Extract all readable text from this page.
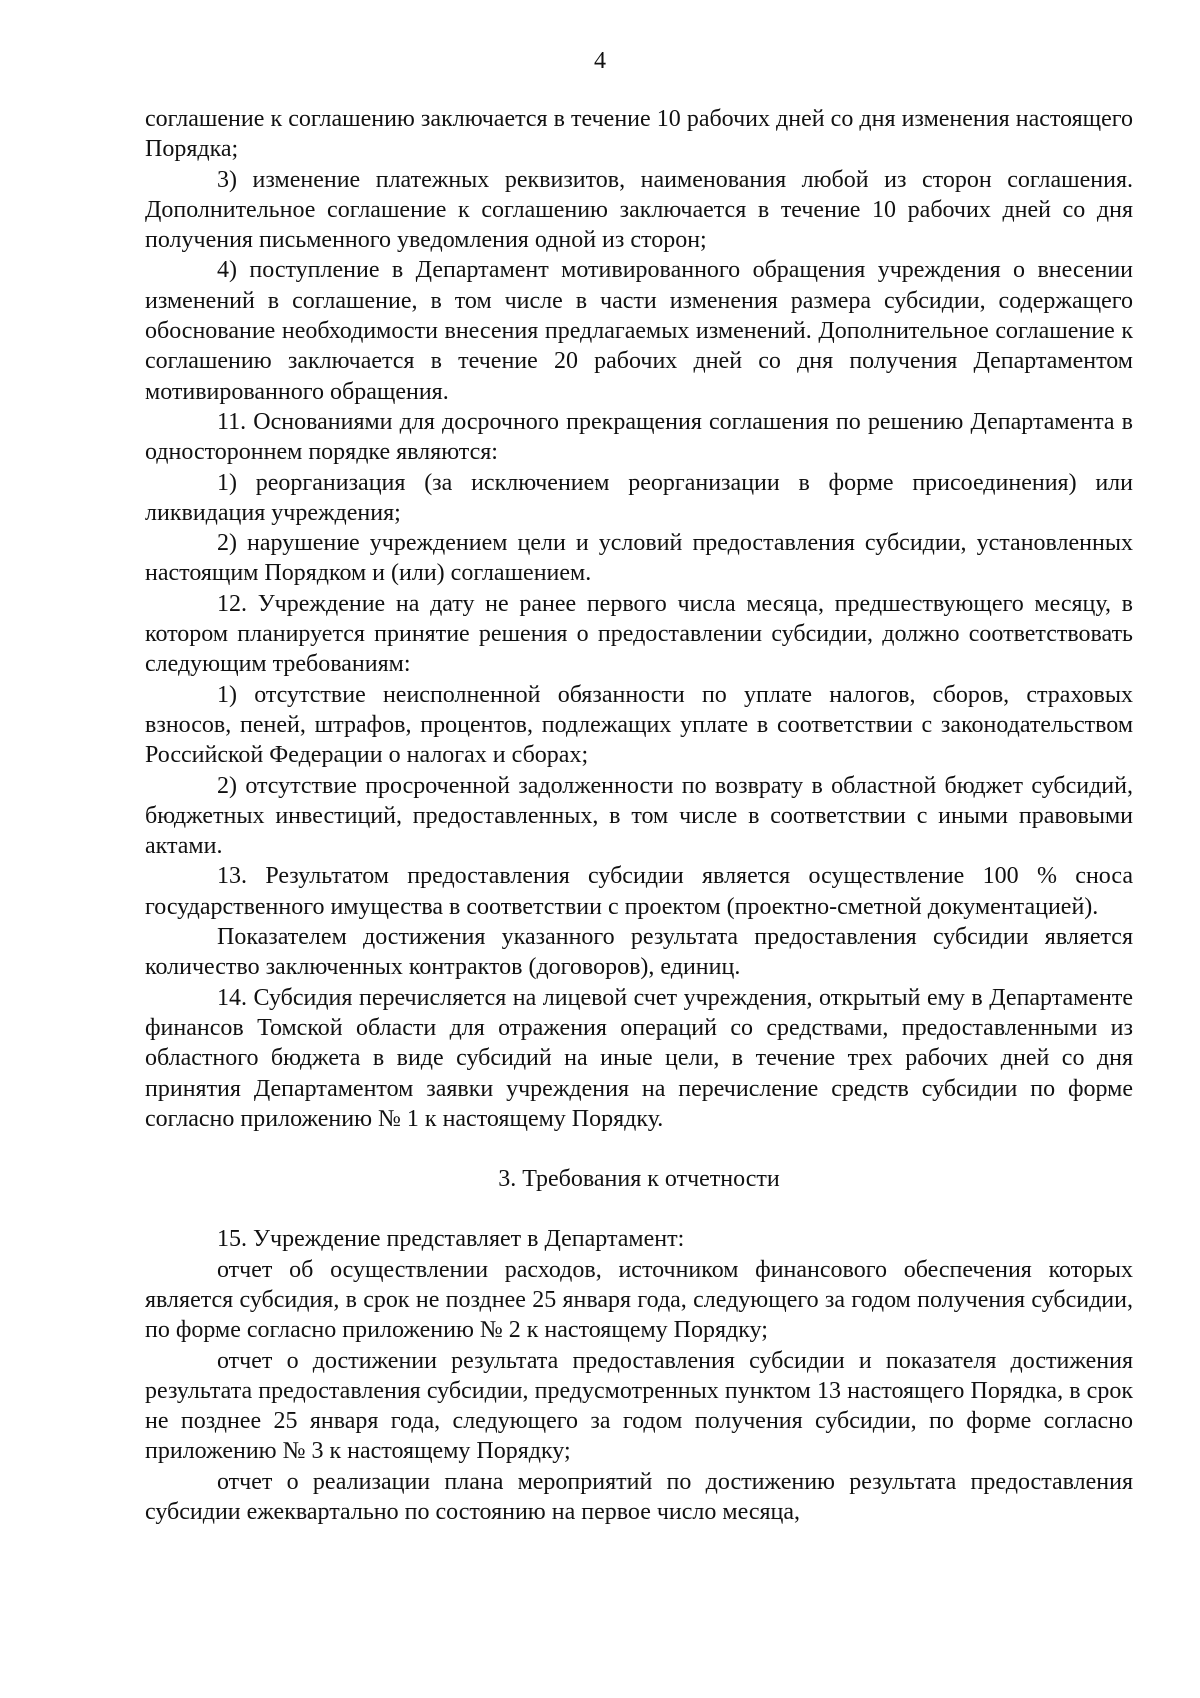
4

соглашение к соглашению заключается в течение 10 рабочих дней со дня изменения настоящего Порядка;

3) изменение платежных реквизитов, наименования любой из сторон соглашения. Дополнительное соглашение к соглашению заключается в течение 10 рабочих дней со дня получения письменного уведомления одной из сторон;

4) поступление в Департамент мотивированного обращения учреждения о внесении изменений в соглашение, в том числе в части изменения размера субсидии, содержащего обоснование необходимости внесения предлагаемых изменений. Дополнительное соглашение к соглашению заключается в течение 20 рабочих дней со дня получения Департаментом мотивированного обращения.

11. Основаниями для досрочного прекращения соглашения по решению Департамента в одностороннем порядке являются:

1) реорганизация (за исключением реорганизации в форме присоединения) или ликвидация учреждения;

2) нарушение учреждением цели и условий предоставления субсидии, установленных настоящим Порядком и (или) соглашением.

12. Учреждение на дату не ранее первого числа месяца, предшествующего месяцу, в котором планируется принятие решения о предоставлении субсидии, должно соответствовать следующим требованиям:

1) отсутствие неисполненной обязанности по уплате налогов, сборов, страховых взносов, пеней, штрафов, процентов, подлежащих уплате в соответствии с законодательством Российской Федерации о налогах и сборах;

2) отсутствие просроченной задолженности по возврату в областной бюджет субсидий, бюджетных инвестиций, предоставленных, в том числе в соответствии с иными правовыми актами.

13. Результатом предоставления субсидии является осуществление 100 % сноса государственного имущества в соответствии с проектом (проектно-сметной документацией).

Показателем достижения указанного результата предоставления субсидии является количество заключенных контрактов (договоров), единиц.

14. Субсидия перечисляется на лицевой счет учреждения, открытый ему в Департаменте финансов Томской области для отражения операций со средствами, предоставленными из областного бюджета в виде субсидий на иные цели, в течение трех рабочих дней со дня принятия Департаментом заявки учреждения на перечисление средств субсидии по форме согласно приложению № 1 к настоящему Порядку.

3. Требования к отчетности

15. Учреждение представляет в Департамент:

отчет об осуществлении расходов, источником финансового обеспечения которых является субсидия, в срок не позднее 25 января года, следующего за годом получения субсидии, по форме согласно приложению № 2 к настоящему Порядку;

отчет о достижении результата предоставления субсидии и показателя достижения результата предоставления субсидии, предусмотренных пунктом 13 настоящего Порядка, в срок не позднее 25 января года, следующего за годом получения субсидии, по форме согласно приложению № 3 к настоящему Порядку;

отчет о реализации плана мероприятий по достижению результата предоставления субсидии ежеквартально по состоянию на первое число месяца,
